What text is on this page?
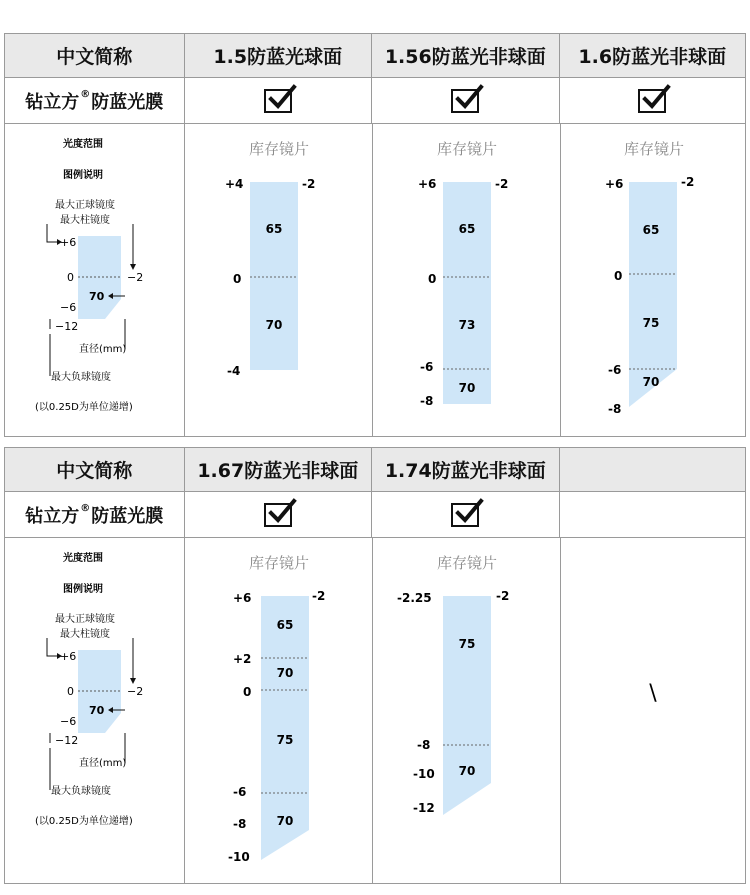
中文简称	1.5防蓝光球面	1.56防蓝光非球面	1.6防蓝光非球面
钻立方® 防蓝光膜
光度范围
图例说明
最大正球镜度
最大柱镜度
+6
0	−2
−6
70
−12
直径(mm)
最大负球镜度
(以0.25D为单位递增)
库存镜片
+4	-2
0
-4
65
70
库存镜片
+6	-2
0
-6
-8
65
73
70
库存镜片
+6	-2
0
-6
-8
65
75
70
中文简称	1.67防蓝光非球面	1.74防蓝光非球面
钻立方® 防蓝光膜
光度范围
图例说明
最大正球镜度
最大柱镜度
+6
0	−2
−6
70
−12
直径(mm)
最大负球镜度
(以0.25D为单位递增)
库存镜片
+6	-2
+2
0
-6
-8
-10
65
70
75
70
库存镜片
-2.25	-2
-8
-10
-12
75
70
\
